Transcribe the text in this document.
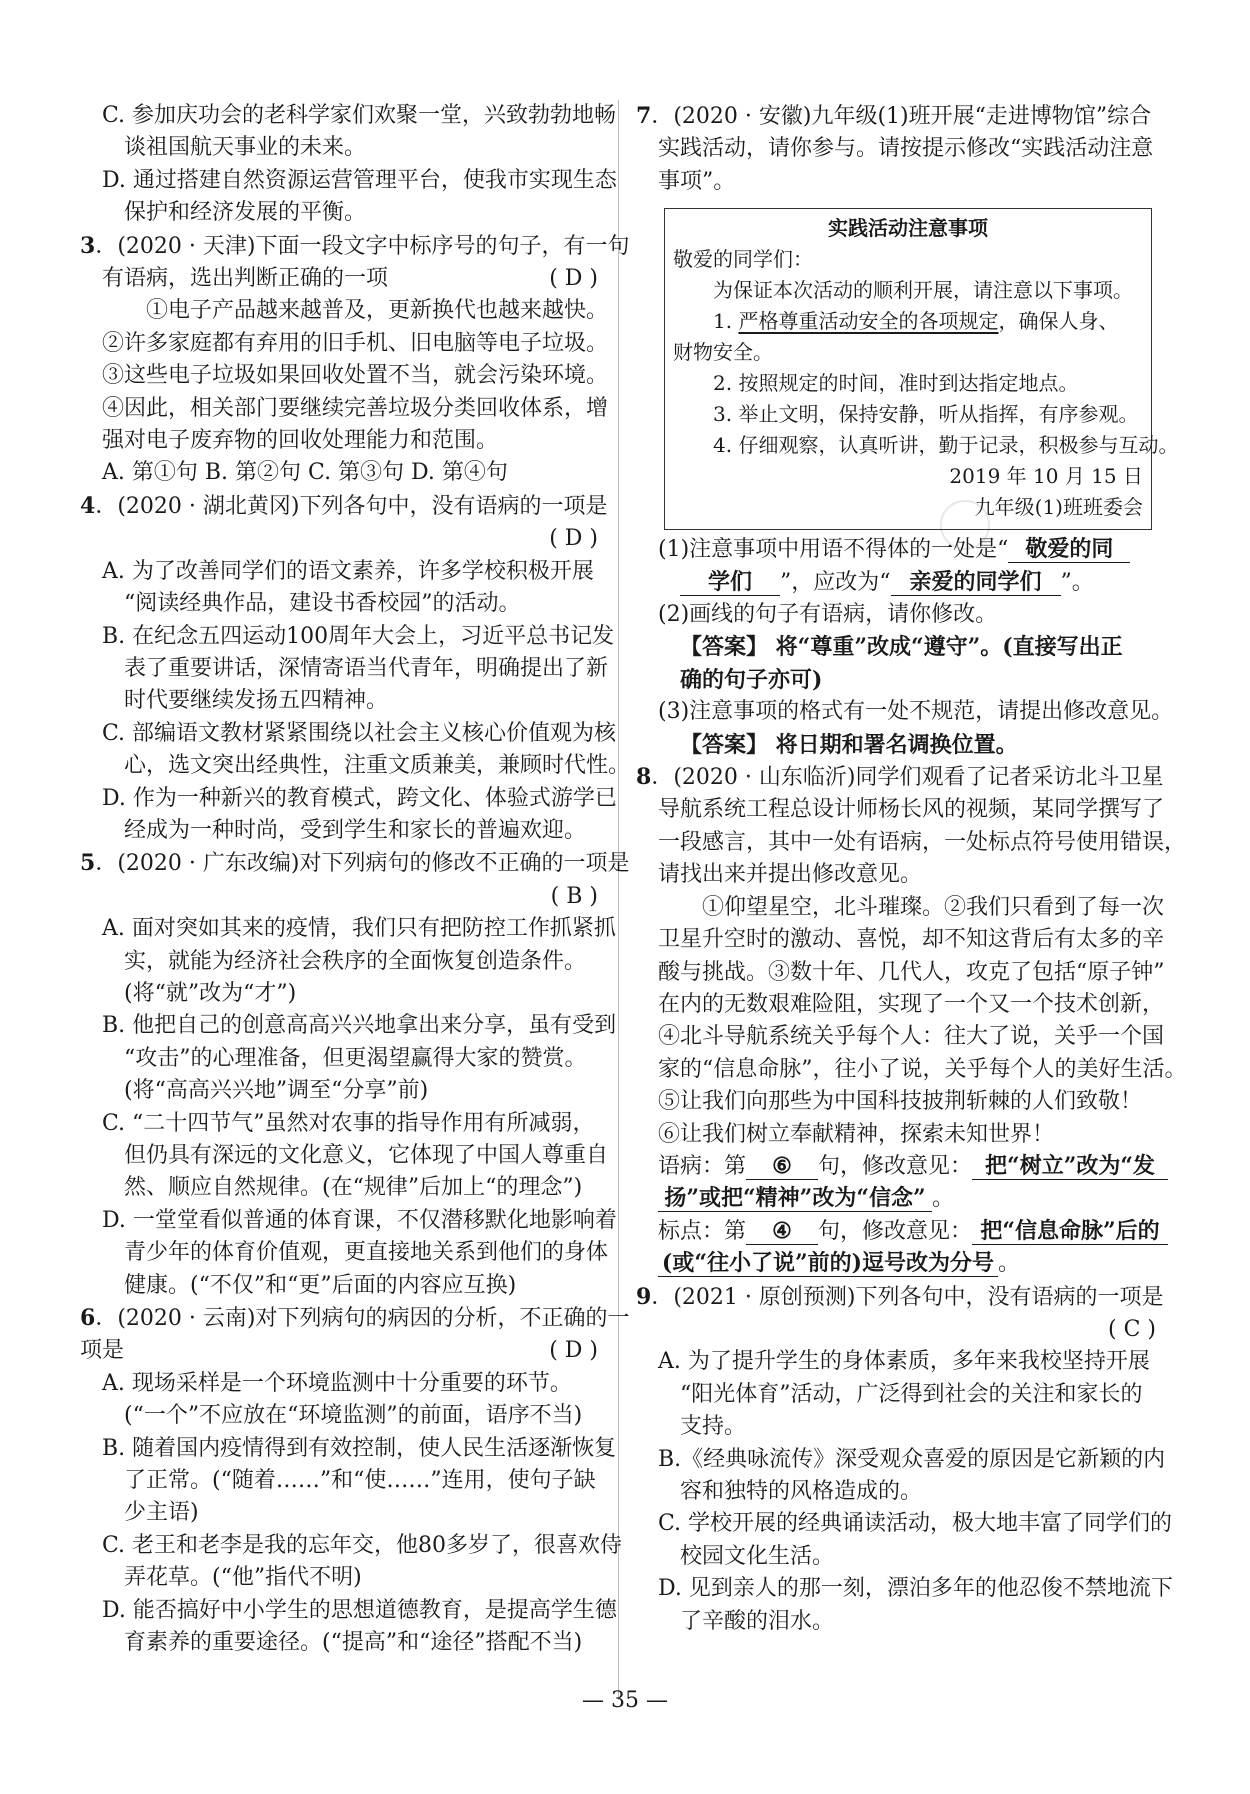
C. 参加庆功会的老科学家们欢聚一堂，兴致勃勃地畅
谈祖国航天事业的未来。
D. 通过搭建自然资源运营管理平台，使我市实现生态
保护和经济发展的平衡。
3．(2020 · 天津)下面一段文字中标序号的句子，有一句
有语病，选出判断正确的一项	( D )
①电子产品越来越普及，更新换代也越来越快。
②许多家庭都有弃用的旧手机、旧电脑等电子垃圾。
③这些电子垃圾如果回收处置不当，就会污染环境。
④因此，相关部门要继续完善垃圾分类回收体系，增
强对电子废弃物的回收处理能力和范围。
A. 第①句 B. 第②句 C. 第③句 D. 第④句
4．(2020 · 湖北黄冈)下列各句中，没有语病的一项是
( D )
A. 为了改善同学们的语文素养，许多学校积极开展
“阅读经典作品，建设书香校园”的活动。
B. 在纪念五四运动100周年大会上，习近平总书记发
表了重要讲话，深情寄语当代青年，明确提出了新
时代要继续发扬五四精神。
C. 部编语文教材紧紧围绕以社会主义核心价值观为核
心，选文突出经典性，注重文质兼美，兼顾时代性。
D. 作为一种新兴的教育模式，跨文化、体验式游学已
经成为一种时尚，受到学生和家长的普遍欢迎。
5．(2020 · 广东改编)对下列病句的修改不正确的一项是
( B )
A. 面对突如其来的疫情，我们只有把防控工作抓紧抓
实，就能为经济社会秩序的全面恢复创造条件。
(将“就”改为“才”)
B. 他把自己的创意高高兴兴地拿出来分享，虽有受到
“攻击”的心理准备，但更渴望赢得大家的赞赏。
(将“高高兴兴地”调至“分享”前)
C. “二十四节气”虽然对农事的指导作用有所减弱，
但仍具有深远的文化意义，它体现了中国人尊重自
然、顺应自然规律。(在“规律”后加上“的理念”)
D. 一堂堂看似普通的体育课，不仅潜移默化地影响着
青少年的体育价值观，更直接地关系到他们的身体
健康。(“不仅”和“更”后面的内容应互换)
6．(2020 · 云南)对下列病句的病因的分析，不正确的一
项是	( D )
A. 现场采样是一个环境监测中十分重要的环节。
(“一个”不应放在“环境监测”的前面，语序不当)
B. 随着国内疫情得到有效控制，使人民生活逐渐恢复
了正常。(“随着……”和“使……”连用，使句子缺
少主语)
C. 老王和老李是我的忘年交，他80多岁了，很喜欢侍
弄花草。(“他”指代不明)
D. 能否搞好中小学生的思想道德教育，是提高学生德
育素养的重要途径。(“提高”和“途径”搭配不当)
7．(2020 · 安徽)九年级(1)班开展“走进博物馆”综合
实践活动，请你参与。请按提示修改“实践活动注意
事项”。
实践活动注意事项
敬爱的同学们：
为保证本次活动的顺利开展，请注意以下事项。
1. 严格尊重活动安全的各项规定，确保人身、
财物安全。
2. 按照规定的时间，准时到达指定地点。
3. 举止文明，保持安静，听从指挥，有序参观。
4. 仔细观察，认真听讲，勤于记录，积极参与互动。
2019 年 10 月 15 日
九年级(1)班班委会
(1)注意事项中用语不得体的一处是“ 敬爱的同
学们 ”，应改为“ 亲爱的同学们 ”。
(2)画线的句子有语病，请你修改。
【答案】 将“尊重”改成“遵守”。(直接写出正
确的句子亦可)
(3)注意事项的格式有一处不规范，请提出修改意见。
【答案】 将日期和署名调换位置。
8．(2020 · 山东临沂)同学们观看了记者采访北斗卫星
导航系统工程总设计师杨长风的视频，某同学撰写了
一段感言，其中一处有语病，一处标点符号使用错误，
请找出来并提出修改意见。
①仰望星空，北斗璀璨。②我们只看到了每一次
卫星升空时的激动、喜悦，却不知这背后有太多的辛
酸与挑战。③数十年、几代人，攻克了包括“原子钟”
在内的无数艰难险阻，实现了一个又一个技术创新，
④北斗导航系统关乎每个人：往大了说，关乎一个国
家的“信息命脉”，往小了说，关乎每个人的美好生活。
⑤让我们向那些为中国科技披荆斩棘的人们致敬！
⑥让我们树立奉献精神，探索未知世界！
语病：第 ⑥ 句，修改意见： 把“树立”改为“发
扬”或把“精神”改为“信念” 。
标点：第 ④ 句，修改意见： 把“信息命脉”后的
(或“往小了说”前的)逗号改为分号 。
9．(2021 · 原创预测)下列各句中，没有语病的一项是
( C )
A. 为了提升学生的身体素质，多年来我校坚持开展
“阳光体育”活动，广泛得到社会的关注和家长的
支持。
B.《经典咏流传》深受观众喜爱的原因是它新颖的内
容和独特的风格造成的。
C. 学校开展的经典诵读活动，极大地丰富了同学们的
校园文化生活。
D. 见到亲人的那一刻，漂泊多年的他忍俊不禁地流下
了辛酸的泪水。
— 35 —
